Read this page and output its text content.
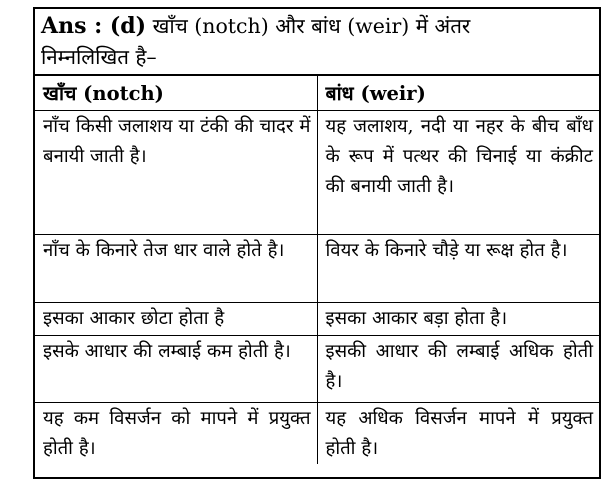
Ans : (d) खाँच (notch) और बांध (weir) में अंतर
निम्नलिखित है–
खाँच (notch)	बांध (weir)
नाँच किसी जलाशय या टंकी की चादर में बनायी जाती है।	यह जलाशय, नदी या नहर के बीच बाँध के रूप में पत्थर की चिनाई या कंक्रीट की बनायी जाती है।
नाँच के किनारे तेज धार वाले होते है।	वियर के किनारे चौड़े या रूक्ष होत है।
इसका आकार छोटा होता है	इसका आकार बड़ा होता है।
इसके आधार की लम्बाई कम होती है।	इसकी आधार की लम्बाई अधिक होती है।
यह कम विसर्जन को मापने में प्रयुक्त होती है।	यह अधिक विसर्जन मापने में प्रयुक्त होती है।
